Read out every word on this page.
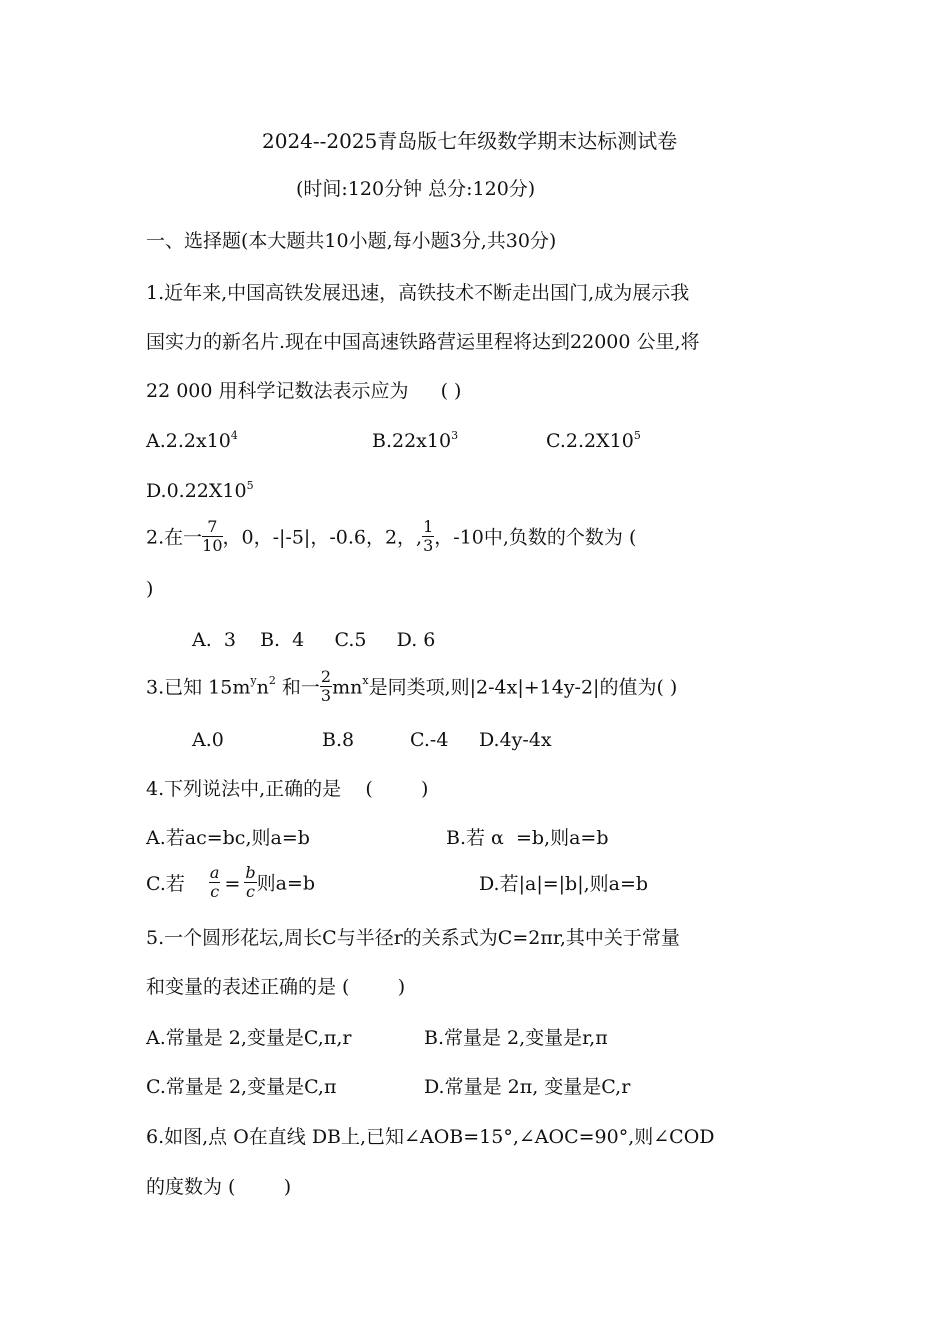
2024--2025青岛版七年级数学期末达标测试卷
(时间:120分钟 总分:120分)
一、选择题(本大题共10小题,每小题3分,共30分)
1.近年来,中国高铁发展迅速，高铁技术不断走出国门,成为展示我
国实力的新名片.现在中国高速铁路营运里程将达到22000 公里,将
22 000 用科学记数法表示应为 ( )
$A.2.2x10^4$	$B.22x10^3$	$C.2.2X10^5$
$D.0.22X10^5$
2.在一 $\frac{7}{10}$ ，0，-|-5|，-0.6，2，, $\frac{1}{3}$ ，-10中,负数的个数为 (
)
A.  3    B.  4     C.5     D. 6
3.已知 $15m^yn^2$ 和一 $\frac{2}{3} mn^x$是同类项,则|2-4x|+14y-2|的值为( )
A.0	B.8	C.-4 D.4y-4x
4.下列说法中,正确的是    (        )
A.若ac=bc,则a=b	B.若 α  =b,则a=b
C.若 $\frac{a}{c} = \frac{b}{c}$ 则a=b	D.若|a|=|b|,则a=b
5.一个圆形花坛,周长C与半径r的关系式为C=2πr,其中关于常量
和变量的表述正确的是 (        )
A.常量是 2,变量是C,π,r	B.常量是 2,变量是r,π
C.常量是 2,变量是C,π	D.常量是 2π, 变量是C,r
6.如图,点 O在直线 DB上,已知∠AOB=15°,∠AOC=90°,则∠COD
的度数为 (        )
